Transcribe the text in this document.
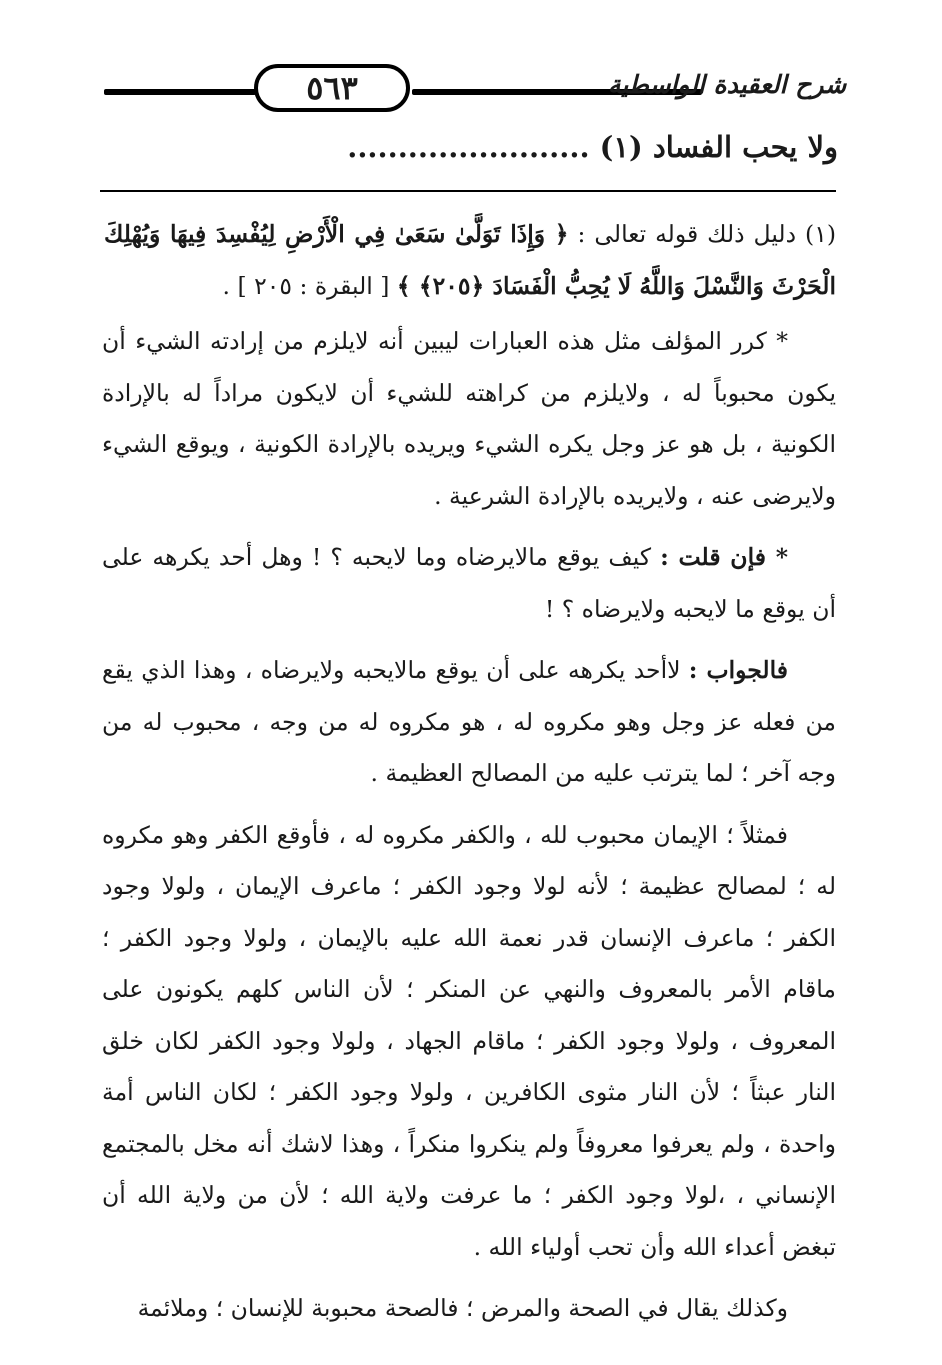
٥٦٣	شرح العقيدة الواسطية
ولا يحب الفساد (١) ........................
(١) دليل ذلك قوله تعالى : ﴿ وَإِذَا تَوَلَّىٰ سَعَىٰ فِي الْأَرْضِ لِيُفْسِدَ فِيهَا وَيُهْلِكَ الْحَرْثَ وَالنَّسْلَ وَاللَّهُ لَا يُحِبُّ الْفَسَادَ ﴿٢٠٥﴾ ﴾ [ البقرة : ٢٠٥ ] .

* كرر المؤلف مثل هذه العبارات ليبين أنه لايلزم من إرادته الشيء أن يكون محبوباً له ، ولايلزم من كراهته للشيء أن لايكون مراداً له بالإرادة الكونية ، بل هو عز وجل يكره الشيء ويريده بالإرادة الكونية ، ويوقع الشيء ولايرضى عنه ، ولايريده بالإرادة الشرعية .

* فإن قلت : كيف يوقع مالايرضاه وما لايحبه ؟ ! وهل أحد يكرهه على أن يوقع ما لايحبه ولايرضاه ؟ !

فالجواب : لاأحد يكرهه على أن يوقع مالايحبه ولايرضاه ، وهذا الذي يقع من فعله عز وجل وهو مكروه له ، هو مكروه له من وجه ، محبوب له من وجه آخر ؛ لما يترتب عليه من المصالح العظيمة .

فمثلاً ؛ الإيمان محبوب لله ، والكفر مكروه له ، فأوقع الكفر وهو مكروه له ؛ لمصالح عظيمة ؛ لأنه لولا وجود الكفر ؛ ماعرف الإيمان ، ولولا وجود الكفر ؛ ماعرف الإنسان قدر نعمة الله عليه بالإيمان ، ولولا وجود الكفر ؛ ماقام الأمر بالمعروف والنهي عن المنكر ؛ لأن الناس كلهم يكونون على المعروف ، ولولا وجود الكفر ؛ ماقام الجهاد ، ولولا وجود الكفر لكان خلق النار عبثاً ؛ لأن النار مثوى الكافرين ، ولولا وجود الكفر ؛ لكان الناس أمة واحدة ، ولم يعرفوا معروفاً ولم ينكروا منكراً ، وهذا لاشك أنه مخل بالمجتمع الإنساني ، ،لولا وجود الكفر ؛ ما عرفت ولاية الله ؛ لأن من ولاية الله أن تبغض أعداء الله وأن تحب أولياء الله .

وكذلك يقال في الصحة والمرض ؛ فالصحة محبوبة للإنسان ؛ وملائمة
